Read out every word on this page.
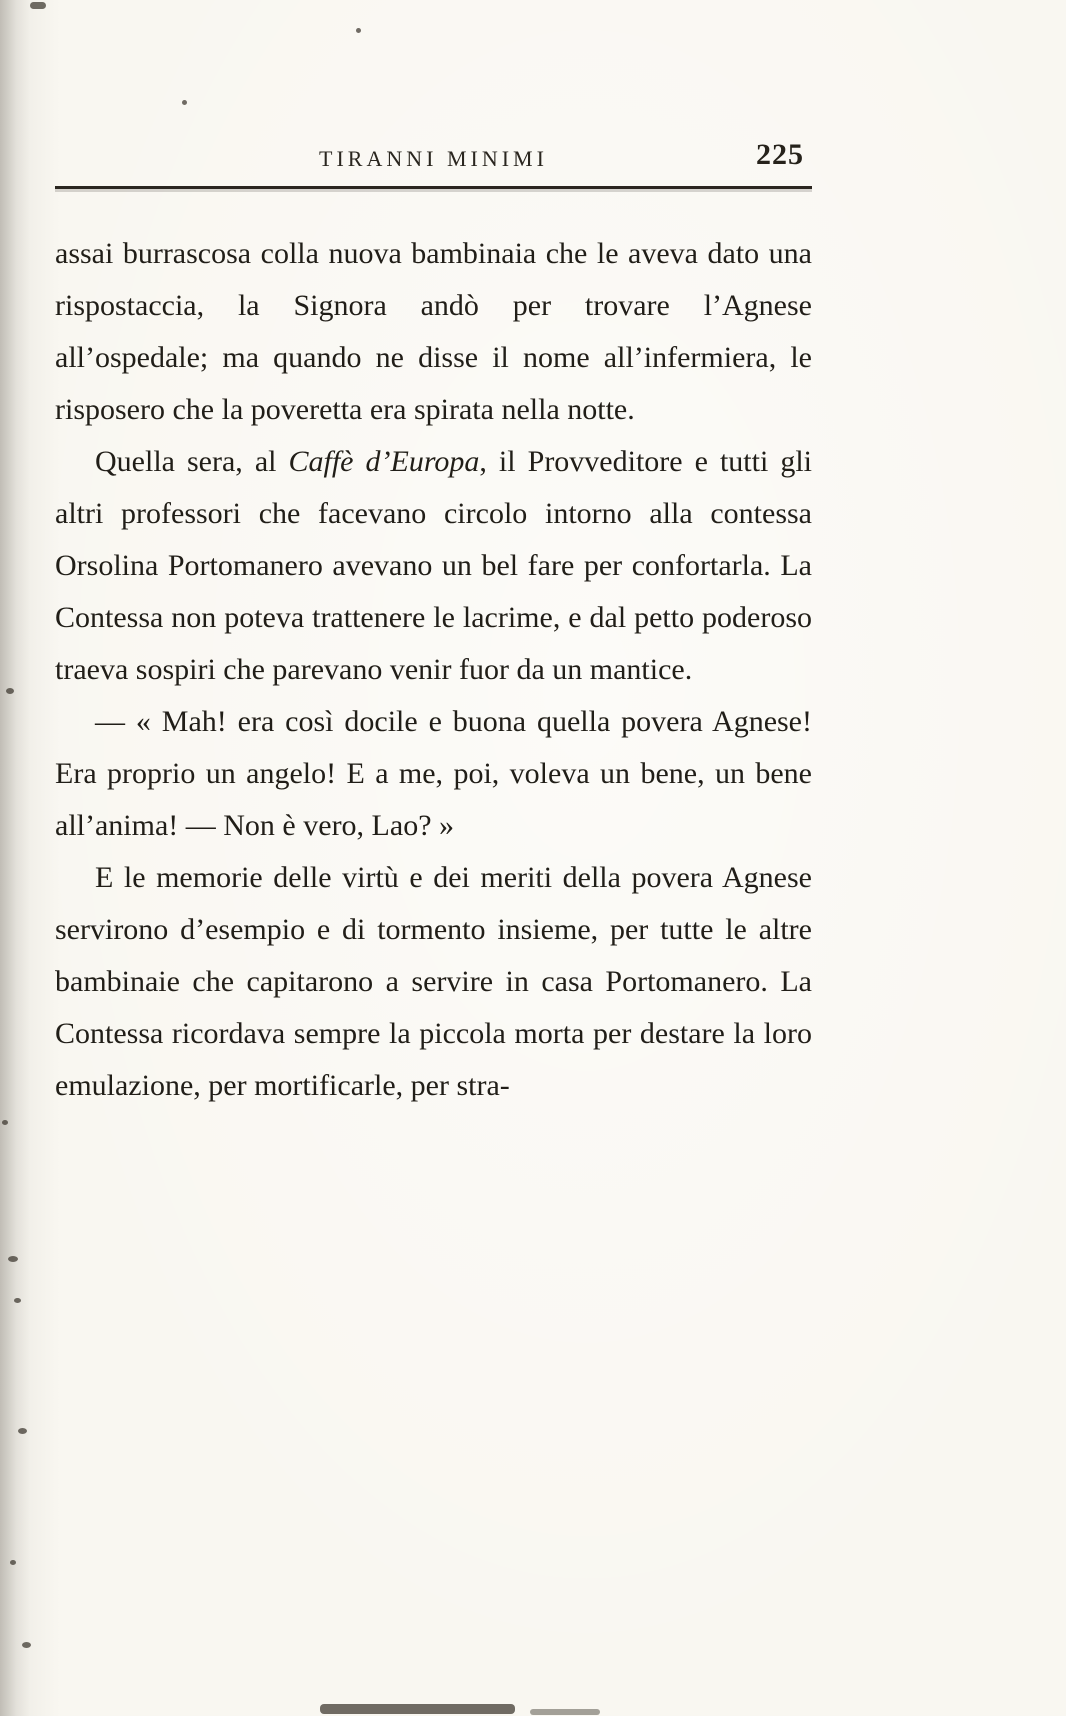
TIRANNI MINIMI	225

assai burrascosa colla nuova bambinaia che le aveva dato una rispostaccia, la Signora andò per trovare l’Agnese all’ospedale; ma quando ne disse il nome all’infermiera, le risposero che la poveretta era spirata nella notte.

Quella sera, al Caffè d’Europa, il Provveditore e tutti gli altri professori che facevano circolo intorno alla contessa Orsolina Portomanero avevano un bel fare per confortarla. La Contessa non poteva trattenere le lacrime, e dal petto poderoso traeva sospiri che parevano venir fuor da un mantice.

— « Mah! era così docile e buona quella povera Agnese! Era proprio un angelo! E a me, poi, voleva un bene, un bene all’anima! — Non è vero, Lao? »

E le memorie delle virtù e dei meriti della povera Agnese servirono d’esempio e di tormento insieme, per tutte le altre bambinaie che capitarono a servire in casa Portomanero. La Contessa ricordava sempre la piccola morta per destare la loro emulazione, per mortificarle, per stra-
